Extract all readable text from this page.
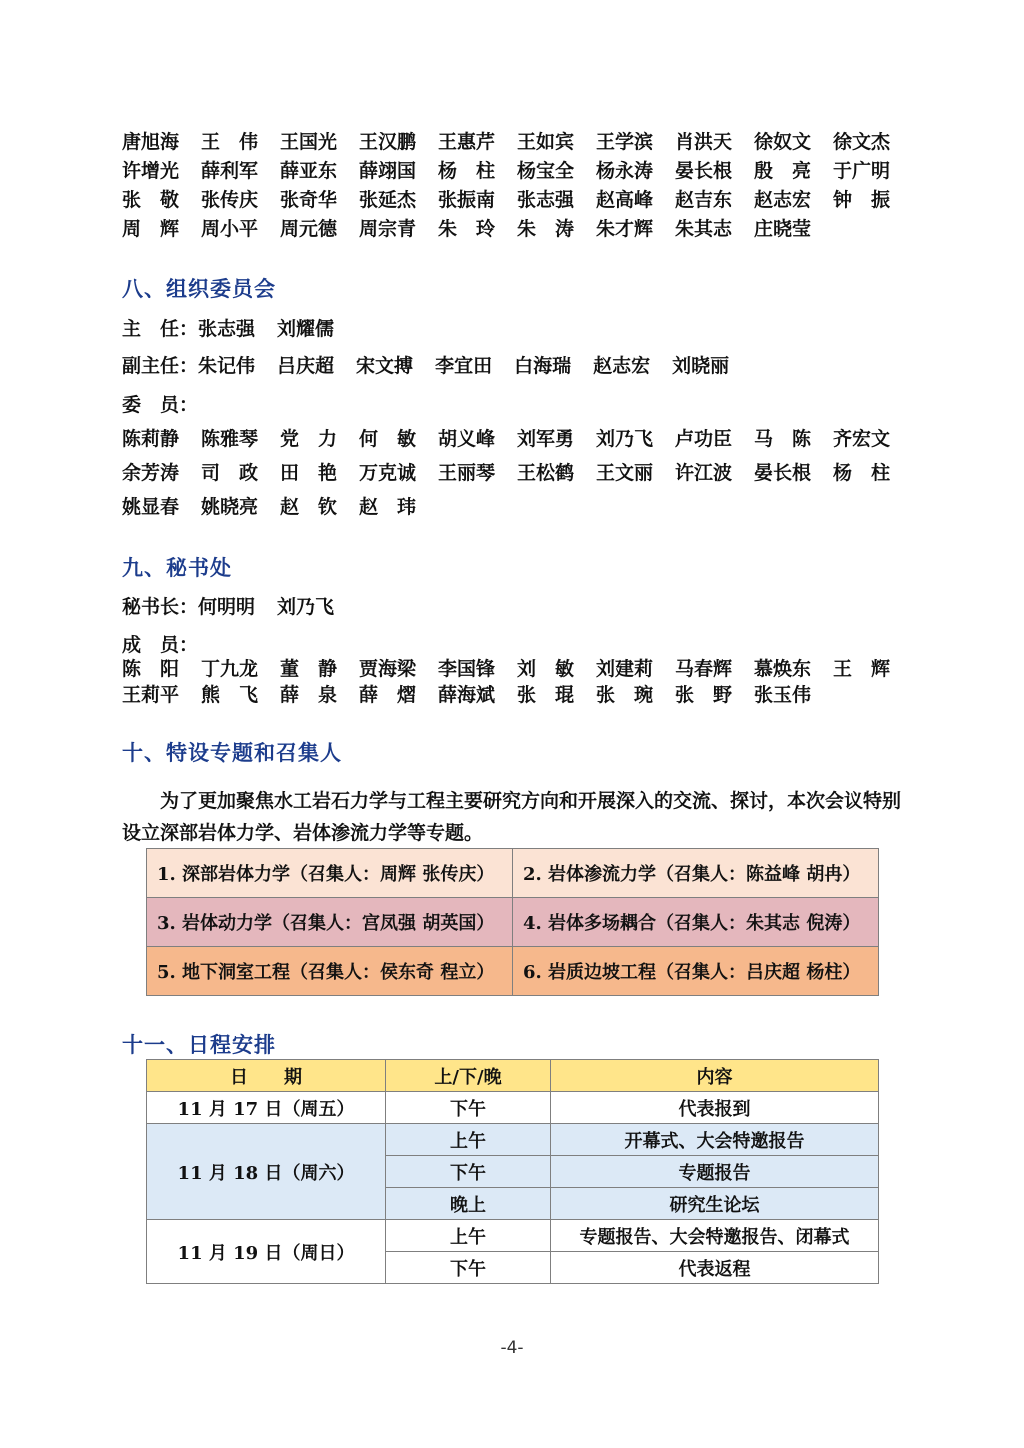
唐旭海	王　伟	王国光	王汉鹏	王惠芹	王如宾	王学滨	肖洪天	徐奴文	徐文杰
许增光	薛利军	薛亚东	薛翊国	杨　柱	杨宝全	杨永涛	晏长根	殷　亮	于广明
张　敬	张传庆	张奇华	张延杰	张振南	张志强	赵高峰	赵吉东	赵志宏	钟　振
周　辉	周小平	周元德	周宗青	朱　玲	朱　涛	朱才辉	朱其志	庄晓莹
八、组织委员会
主　任：张志强 刘耀儒
副主任：朱记伟 吕庆超 宋文搏 李宜田 白海瑞 赵志宏 刘晓丽
委　员：
陈莉静	陈雅琴	党　力	何　敏	胡义峰	刘军勇	刘乃飞	卢功臣	马　陈	齐宏文
余芳涛	司　政	田　艳	万克诚	王丽琴	王松鹤	王文丽	许江波	晏长根	杨　柱
姚显春	姚晓亮	赵　钦	赵　玮
九、秘书处
秘书长：何明明 刘乃飞
成　员：
陈　阳	丁九龙	董　静	贾海梁	李国锋	刘　敏	刘建莉	马春辉	慕焕东	王　辉
王莉平	熊　飞	薛　泉	薛　熠	薛海斌	张　琨	张　琬	张　野	张玉伟
十、特设专题和召集人
为了更加聚焦水工岩石力学与工程主要研究方向和开展深入的交流、探讨，本次会议特别设立深部岩体力学、岩体渗流力学等专题。
1. 深部岩体力学（召集人：周辉 张传庆）	2. 岩体渗流力学（召集人：陈益峰 胡冉）
3. 岩体动力学（召集人：宫凤强 胡英国）	4. 岩体多场耦合（召集人：朱其志 倪涛）
5. 地下洞室工程（召集人：侯东奇 程立）	6. 岩质边坡工程（召集人：吕庆超 杨柱）
十一、日程安排
日　　期	上/下/晚	内容
11 月 17 日（周五）	下午	代表报到
11 月 18 日（周六）	上午	开幕式、大会特邀报告
	下午	专题报告
	晚上	研究生论坛
11 月 19 日（周日）	上午	专题报告、大会特邀报告、闭幕式
	下午	代表返程
-4-
